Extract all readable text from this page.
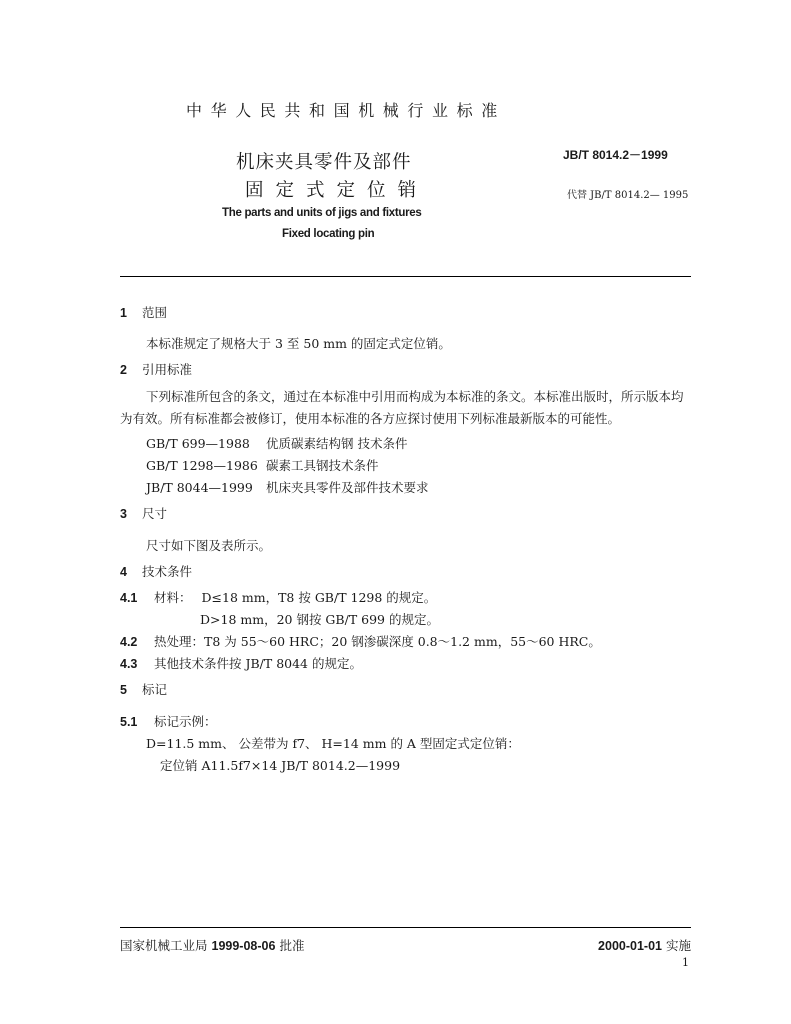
中华人民共和国机械行业标准
机床夹具零件及部件
固定式定位销
JB/T 8014.2－1999
代替 JB/T 8014.2— 1995
The parts and units of jigs and fixtures
Fixed locating pin
1 范围
本标准规定了规格大于 3 至 50 mm 的固定式定位销。
2 引用标准
下列标准所包含的条文，通过在本标准中引用而构成为本标准的条文。本标准出版时，所示版本均为有效。所有标准都会被修订，使用本标准的各方应探讨使用下列标准最新版本的可能性。
GB/T 699—1988 优质碳素结构钢 技术条件
GB/T 1298—1986 碳素工具钢技术条件
JB/T 8044—1999 机床夹具零件及部件技术要求
3 尺寸
尺寸如下图及表所示。
4 技术条件
4.1 材料： D≤18 mm，T8 按 GB/T 1298 的规定。
D>18 mm，20 钢按 GB/T 699 的规定。
4.2 热处理：T8 为 55～60 HRC；20 钢渗碳深度 0.8～1.2 mm，55～60 HRC。
4.3 其他技术条件按 JB/T 8044 的规定。
5 标记
5.1 标记示例：
D=11.5 mm、 公差带为 f7、 H=14 mm 的 A 型固定式定位销：
定位销 A11.5f7×14 JB/T 8014.2—1999
国家机械工业局 1999-08-06 批准	2000-01-01 实施
1
